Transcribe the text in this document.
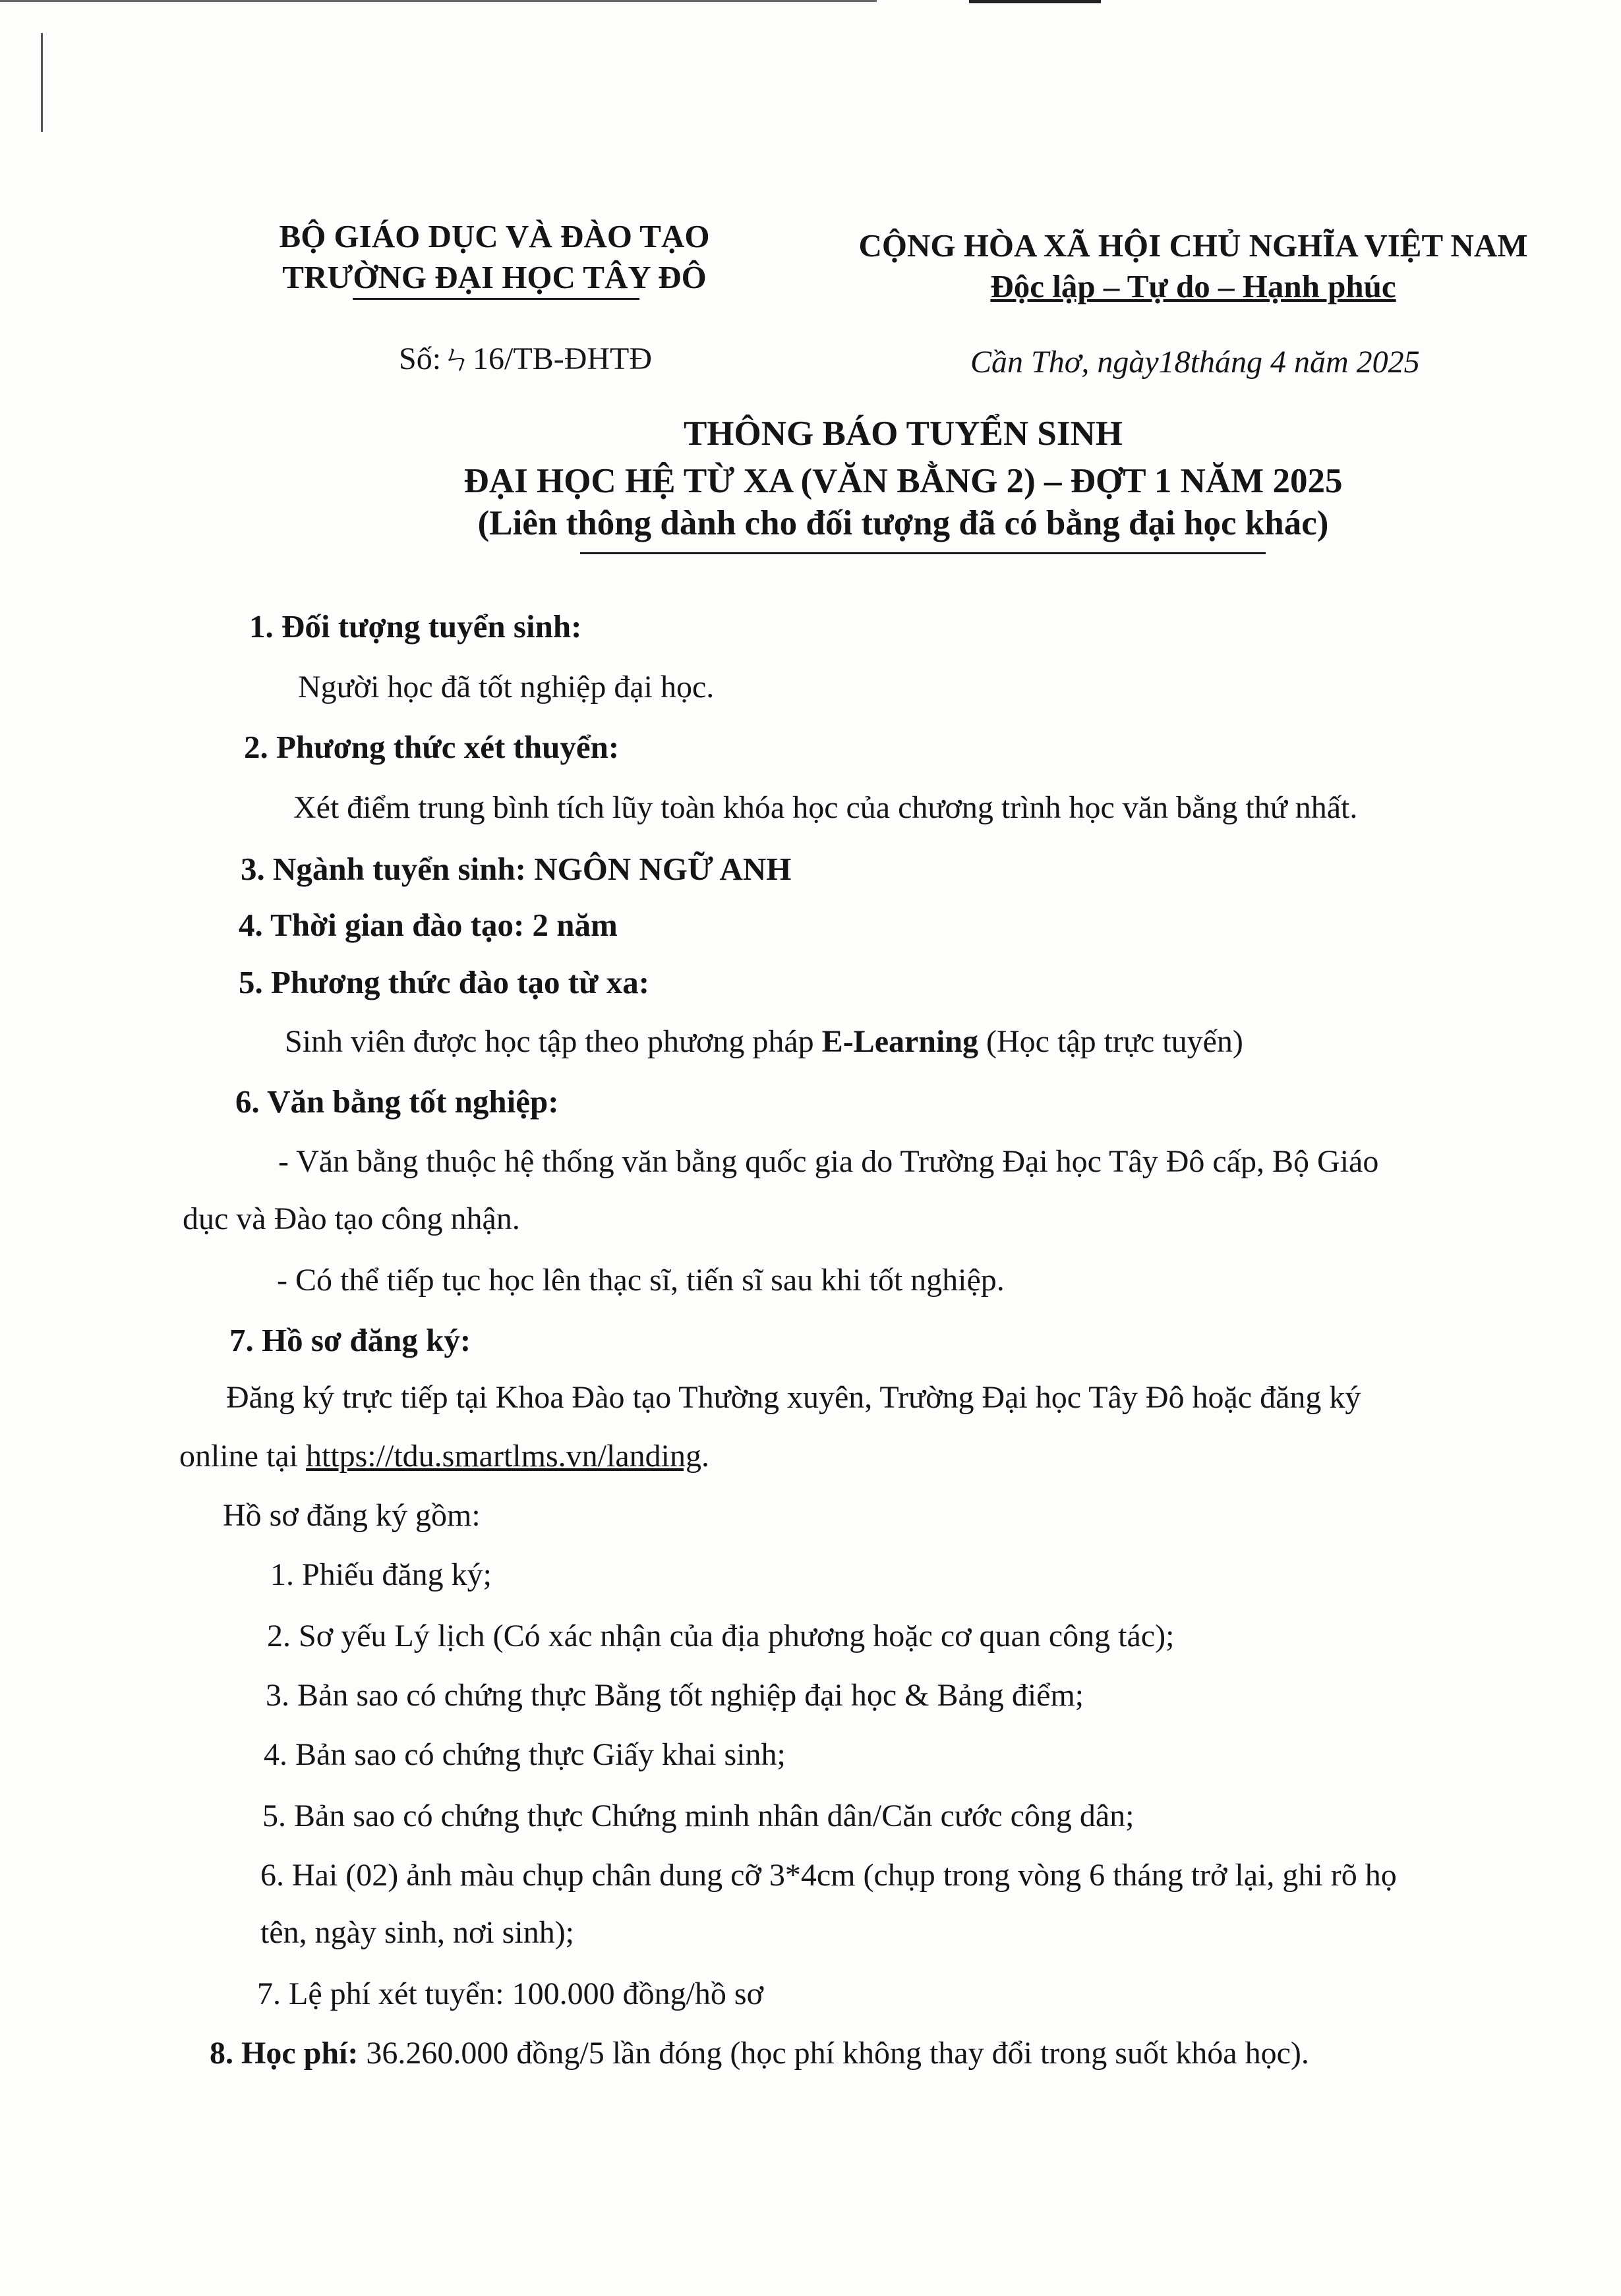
BỘ GIÁO DỤC VÀ ĐÀO TẠO
TRƯỜNG ĐẠI HỌC TÂY ĐÔ
Số:ㄣ16/TB-ĐHTĐ
CỘNG HÒA XÃ HỘI CHỦ NGHĨA VIỆT NAM
Độc lập – Tự do – Hạnh phúc
Cần Thơ, ngày18tháng 4 năm 2025
THÔNG BÁO TUYỂN SINH
ĐẠI HỌC HỆ TỪ XA (VĂN BẰNG 2) – ĐỢT 1 NĂM 2025
(Liên thông dành cho đối tượng đã có bằng đại học khác)
1. Đối tượng tuyển sinh:
Người học đã tốt nghiệp đại học.
2. Phương thức xét thuyển:
Xét điểm trung bình tích lũy toàn khóa học của chương trình học văn bằng thứ nhất.
3. Ngành tuyển sinh: NGÔN NGỮ ANH
4. Thời gian đào tạo: 2 năm
5. Phương thức đào tạo từ xa:
Sinh viên được học tập theo phương pháp E-Learning (Học tập trực tuyến)
6. Văn bằng tốt nghiệp:
- Văn bằng thuộc hệ thống văn bằng quốc gia do Trường Đại học Tây Đô cấp, Bộ Giáo
dục và Đào tạo công nhận.
- Có thể tiếp tục học lên thạc sĩ, tiến sĩ sau khi tốt nghiệp.
7. Hồ sơ đăng ký:
Đăng ký trực tiếp tại Khoa Đào tạo Thường xuyên, Trường Đại học Tây Đô hoặc đăng ký
online tại https://tdu.smartlms.vn/landing.
Hồ sơ đăng ký gồm:
1. Phiếu đăng ký;
2. Sơ yếu Lý lịch (Có xác nhận của địa phương hoặc cơ quan công tác);
3. Bản sao có chứng thực Bằng tốt nghiệp đại học & Bảng điểm;
4. Bản sao có chứng thực Giấy khai sinh;
5. Bản sao có chứng thực Chứng minh nhân dân/Căn cước công dân;
6. Hai (02) ảnh màu chụp chân dung cỡ 3*4cm (chụp trong vòng 6 tháng trở lại, ghi rõ họ
tên, ngày sinh, nơi sinh);
7. Lệ phí xét tuyển: 100.000 đồng/hồ sơ
8. Học phí: 36.260.000 đồng/5 lần đóng (học phí không thay đổi trong suốt khóa học).
